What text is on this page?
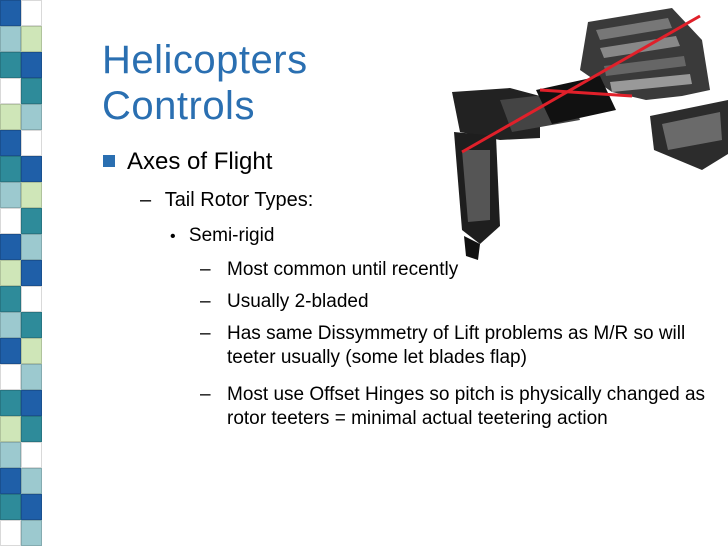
Helicopters
Controls
Axes of Flight
– Tail Rotor Types:
• Semi-rigid
– Most common until recently
– Usually 2-bladed
– Has same Dissymmetry of Lift problems as M/R so will teeter usually (some let blades flap)
– Most use Offset Hinges so pitch is physically changed as rotor teeters = minimal actual teetering action
